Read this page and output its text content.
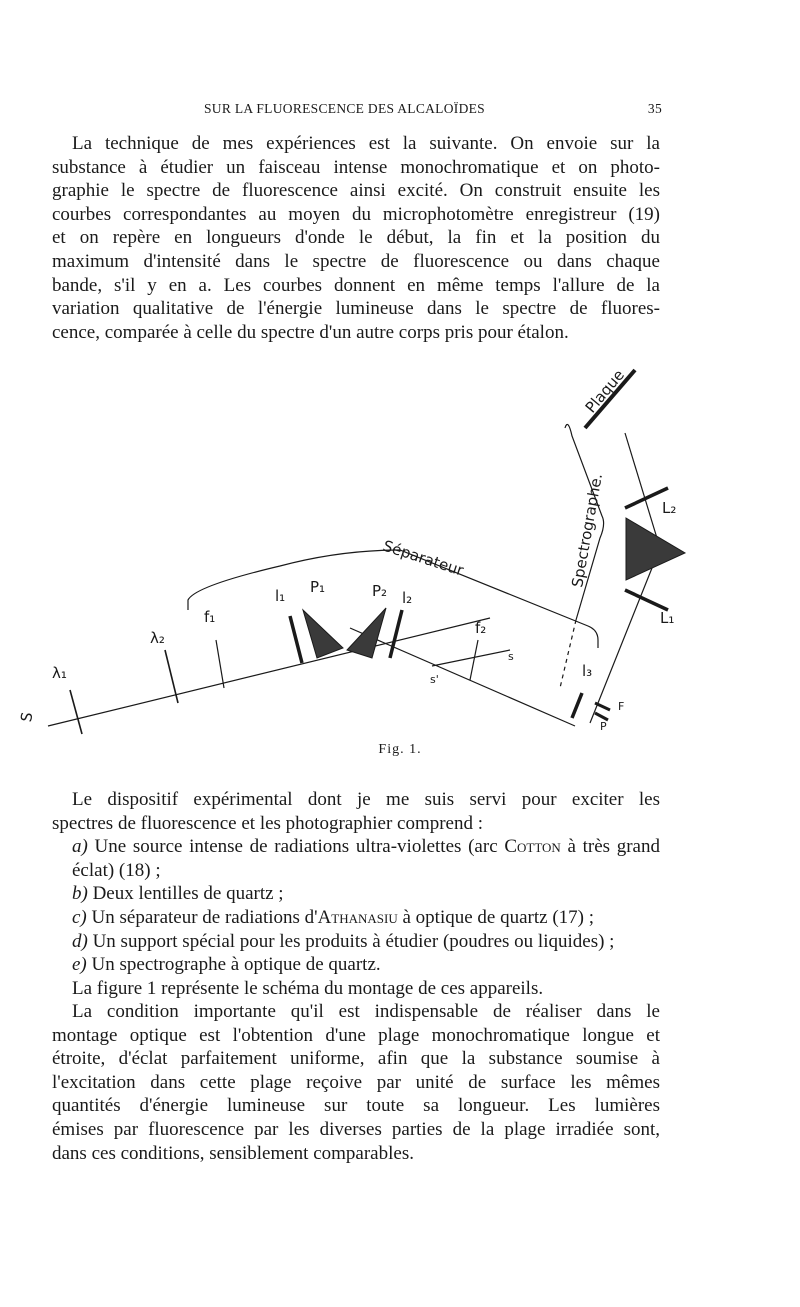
SUR LA FLUORESCENCE DES ALCALOÏDES	35

La technique de mes expériences est la suivante. On envoie sur la
substance à étudier un faisceau intense monochromatique et on photo-
graphie le spectre de fluorescence ainsi excité. On construit ensuite les
courbes correspondantes au moyen du microphotomètre enregistreur (19)
et on repère en longueurs d'onde le début, la fin et la position du
maximum d'intensité dans le spectre de fluorescence ou dans chaque
bande, s'il y en a. Les courbes donnent en même temps l'allure de la
variation qualitative de l'énergie lumineuse dans le spectre de fluores-
cence, comparée à celle du spectre d'un autre corps pris pour étalon.

Plaque
Spectrographe.
Séparateur
L₂
L₁
λ₁
λ₂
f₁
l₁ P₁	P₂ l₂
f₂
s
s'	l₃
F
P
S
Fig. 1.
Le dispositif expérimental dont je me suis servi pour exciter les
spectres de fluorescence et les photographier comprend :
a) Une source intense de radiations ultra-violettes (arc Cotton à très grand éclat) (18) ;
b) Deux lentilles de quartz ;
c) Un séparateur de radiations d'Athanasiu à optique de quartz (17) ;
d) Un support spécial pour les produits à étudier (poudres ou liquides) ;
e) Un spectrographe à optique de quartz.
La figure 1 représente le schéma du montage de ces appareils.

La condition importante qu'il est indispensable de réaliser dans le
montage optique est l'obtention d'une plage monochromatique longue et
étroite, d'éclat parfaitement uniforme, afin que la substance soumise à
l'excitation dans cette plage reçoive par unité de surface les mêmes
quantités d'énergie lumineuse sur toute sa longueur. Les lumières
émises par fluorescence par les diverses parties de la plage irradiée sont,
dans ces conditions, sensiblement comparables.
